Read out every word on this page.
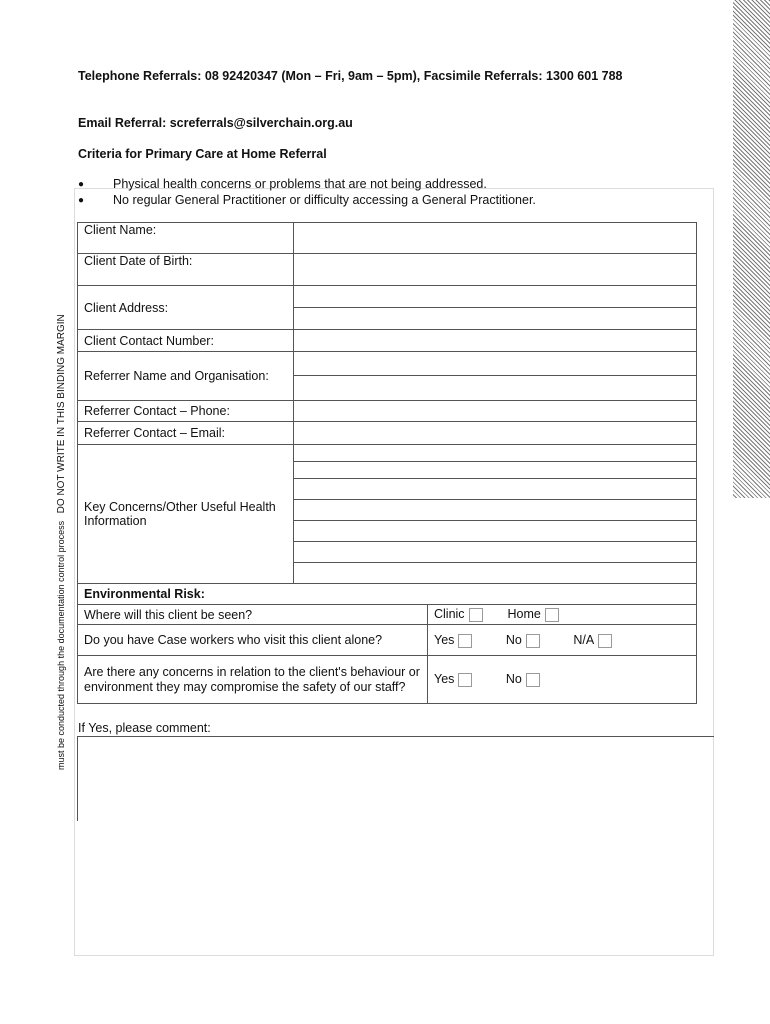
Telephone Referrals: 08 92420347 (Mon – Fri, 9am – 5pm), Facsimile Referrals: 1300 601 788
Email Referral: screferrals@silverchain.org.au
Criteria for Primary Care at Home Referral
● Physical health concerns or problems that are not being addressed.
● No regular General Practitioner or difficulty accessing a General Practitioner.
must be conducted through the documentation control process   DO NOT WRITE IN THIS BINDING MARGIN
Client Name:		
Client Date of Birth:		
Client Address:		

Client Contact Number:		
Referrer Name and Organisation:		

Referrer Contact – Phone:		
Referrer Contact – Email:		
Key Concerns/Other Useful Health Information		

Environmental Risk:		
Where will this client be seen?		Clinic Home
Do you have Case workers who visit this client alone?		Yes No N/A
Are there any concerns in relation to the client's behaviour or environment they may compromise the safety of our staff?		Yes No
If Yes, please comment:
